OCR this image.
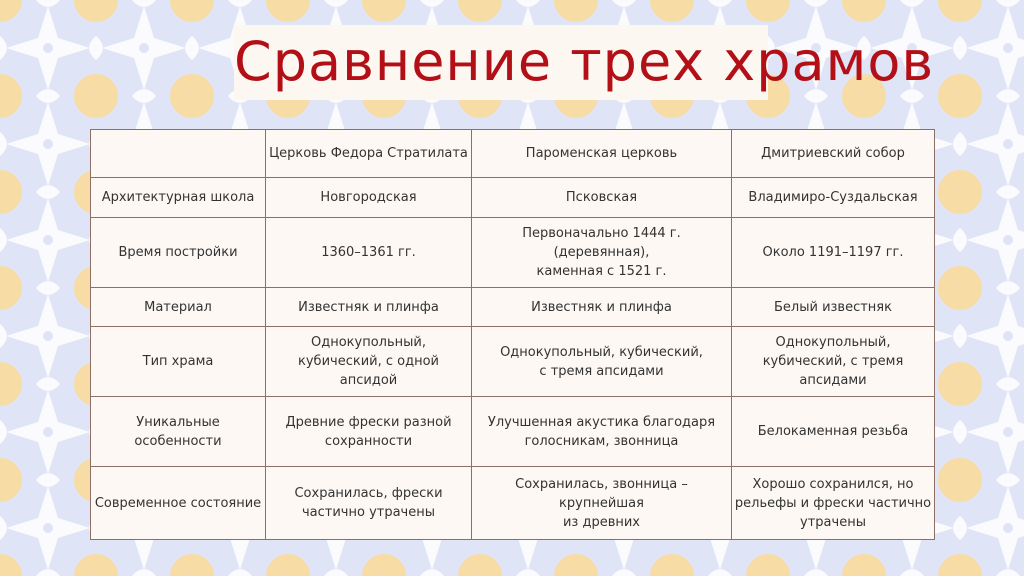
Сравнение трех храмов
	Церковь Федора Стратилата	Пароменская церковь	Дмитриевский собор
Архитектурная школа	Новгородская	Псковская	Владимиро-Суздальская
Время постройки	1360–1361 гг.	Первоначально 1444 г. (деревянная),
каменная с 1521 г.	Около 1191–1197 гг.
Материал	Известняк и плинфа	Известняк и плинфа	Белый известняк
Тип храма	Однокупольный,
кубический, с одной апсидой	Однокупольный, кубический,
с тремя апсидами	Однокупольный,
кубический, с тремя
апсидами
Уникальные
особенности	Древние фрески разной
сохранности	Улучшенная акустика благодаря
голосникам, звонница	Белокаменная резьба
Современное состояние	Сохранилась, фрески
частично утрачены	Сохранилась, звонница –
крупнейшая
из древних	Хорошо сохранился, но
рельефы и фрески частично
утрачены
